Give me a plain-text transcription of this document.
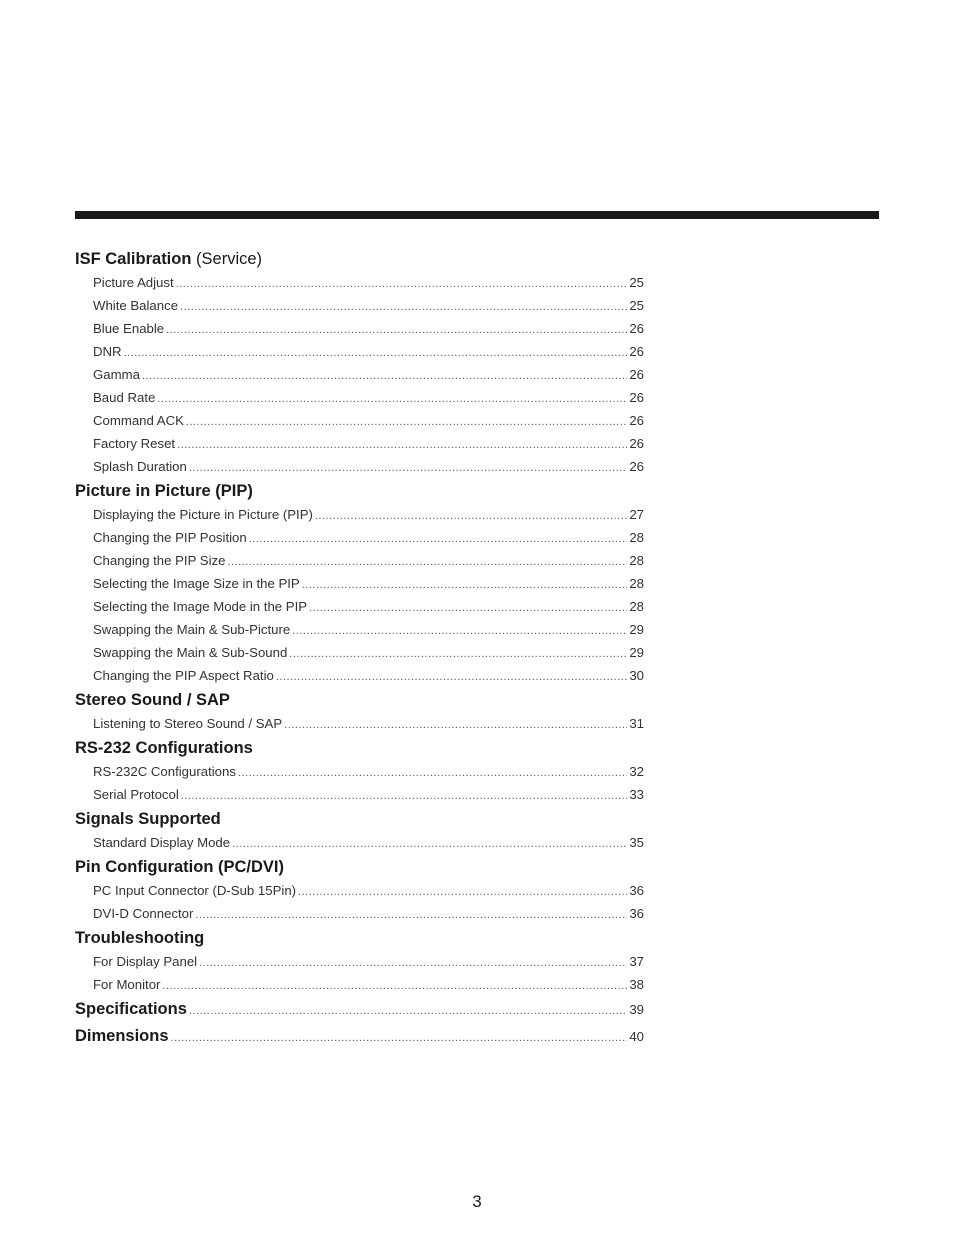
ISF Calibration (Service)
Picture Adjust .....	25
White Balance .....	25
Blue Enable .....	26
DNR .....	26
Gamma .....	26
Baud Rate .....	26
Command ACK .....	26
Factory Reset .....	26
Splash Duration .....	26
Picture in Picture (PIP)
Displaying the Picture in Picture (PIP) .....	27
Changing the PIP Position .....	28
Changing the PIP Size .....	28
Selecting the Image Size in the PIP .....	28
Selecting the Image Mode in the PIP .....	28
Swapping the Main & Sub-Picture .....	29
Swapping the Main & Sub-Sound .....	29
Changing the PIP Aspect Ratio .....	30
Stereo Sound / SAP
Listening to Stereo Sound / SAP .....	31
RS-232 Configurations
RS-232C Configurations .....	32
Serial Protocol .....	33
Signals Supported
Standard Display Mode .....	35
Pin Configuration (PC/DVI)
PC Input Connector (D-Sub 15Pin) .....	36
DVI-D Connector .....	36
Troubleshooting
For Display Panel .....	37
For Monitor .....	38
Specifications .....	39
Dimensions .....	40
3
